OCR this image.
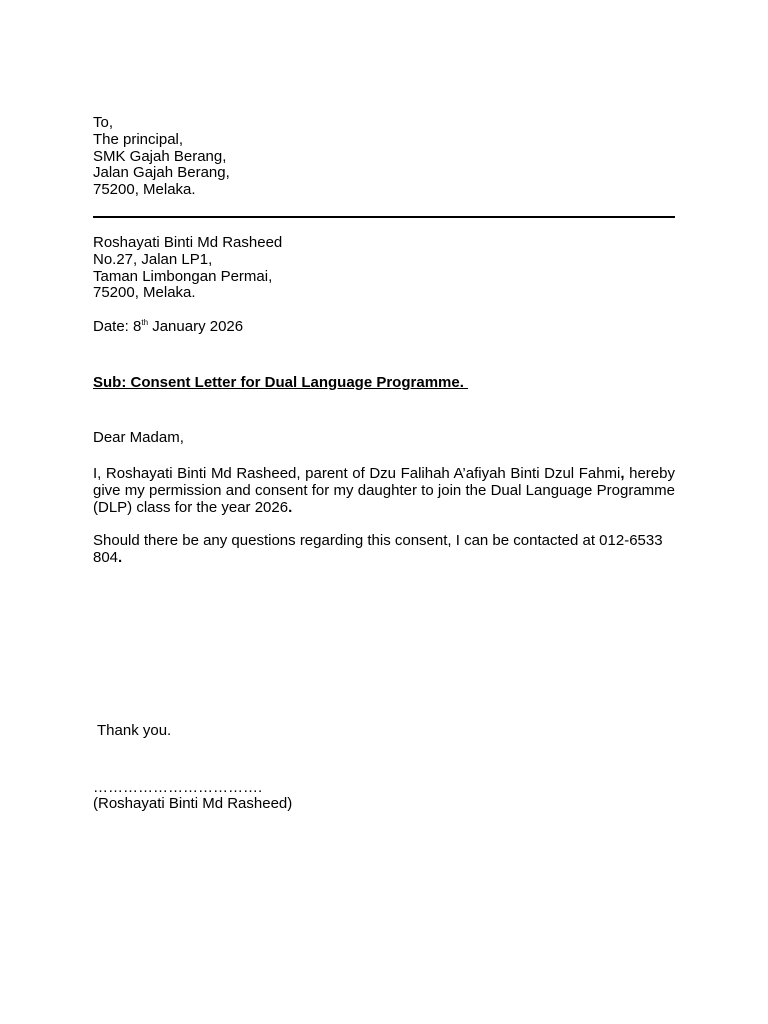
To,
The principal,
SMK Gajah Berang,
Jalan Gajah Berang,
75200, Melaka.
Roshayati Binti Md Rasheed
No.27, Jalan LP1,
Taman Limbongan Permai,
75200, Melaka.
Date: 8th January 2026
Sub: Consent Letter for Dual Language Programme.
Dear Madam,
I, Roshayati Binti Md Rasheed, parent of Dzu Falihah A’afiyah Binti Dzul Fahmi, hereby give my permission and consent for my daughter to join the Dual Language Programme (DLP) class for the year 2026.
Should there be any questions regarding this consent, I can be contacted at 012-6533 804.
Thank you.
…………………………….
(Roshayati Binti Md Rasheed)
